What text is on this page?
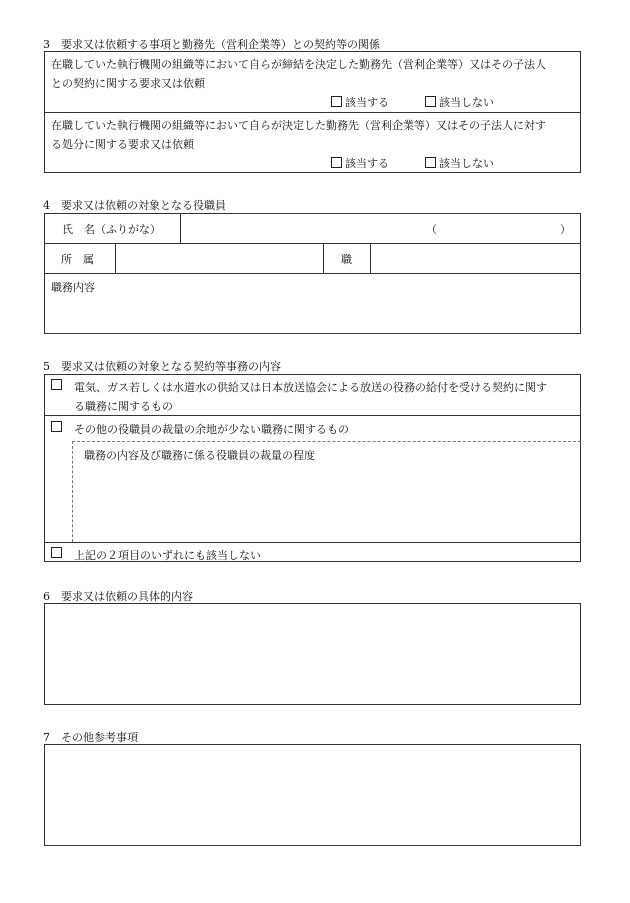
3　要求又は依頼する事項と勤務先（営利企業等）との契約等の関係
在職していた執行機関の組織等において自らが締結を決定した勤務先（営利企業等）又はその子法人
との契約に関する要求又は依頼
該当する	該当しない
在職していた執行機関の組織等において自らが決定した勤務先（営利企業等）又はその子法人に対す
る処分に関する要求又は依頼
該当する	該当しない
4　要求又は依頼の対象となる役職員
氏　名（ふりがな）	（	）
所　属	職
職務内容
5　要求又は依頼の対象となる契約等事務の内容
電気、ガス若しくは水道水の供給又は日本放送協会による放送の役務の給付を受ける契約に関す
る職務に関するもの
その他の役職員の裁量の余地が少ない職務に関するもの
職務の内容及び職務に係る役職員の裁量の程度
上記の２項目のいずれにも該当しない
6　要求又は依頼の具体的内容
7　その他参考事項
